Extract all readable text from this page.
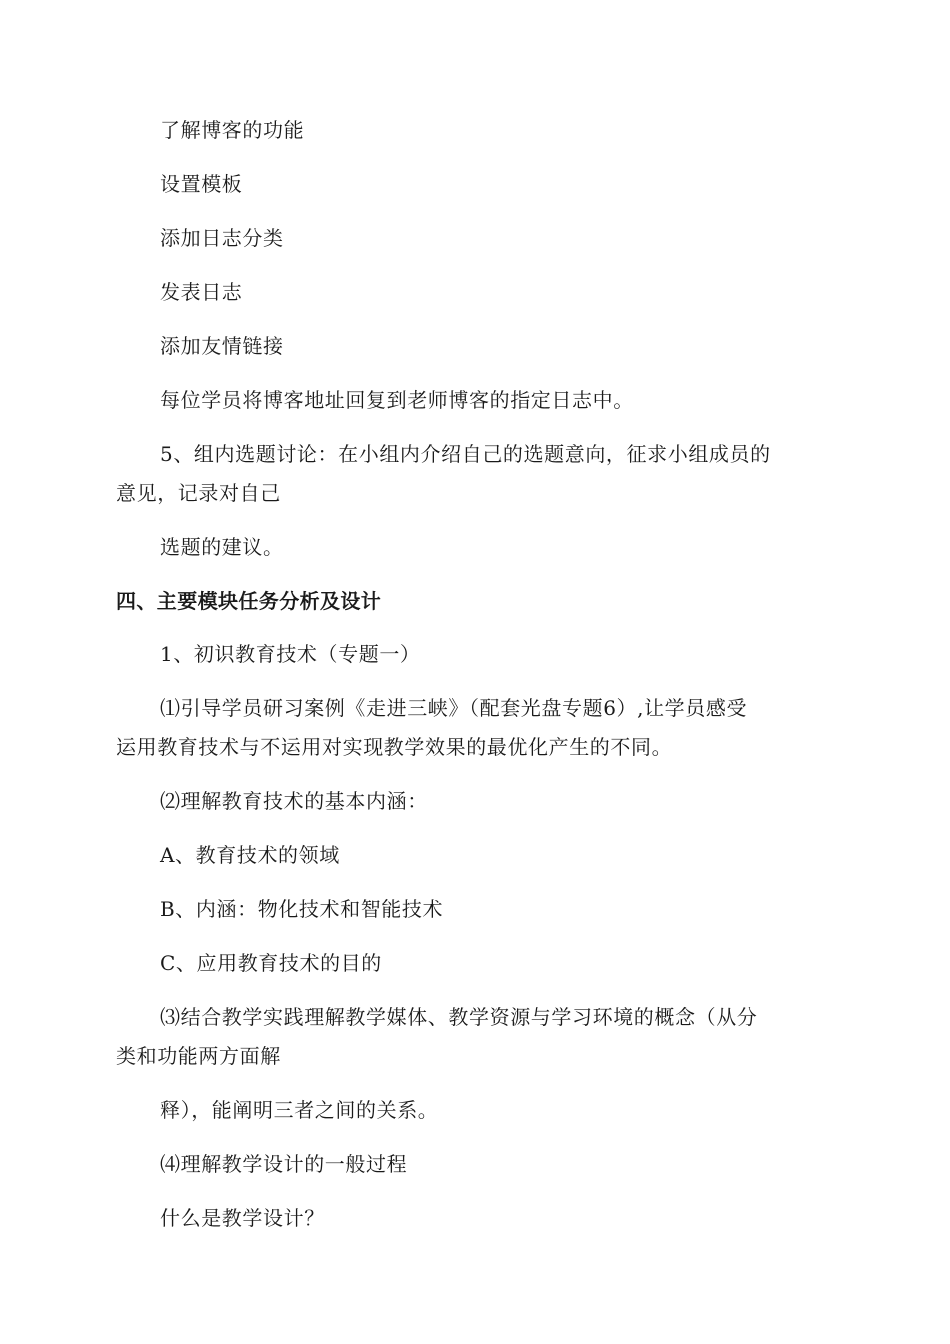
了解博客的功能
设置模板
添加日志分类
发表日志
添加友情链接
每位学员将博客地址回复到老师博客的指定日志中。
5、组内选题讨论：在小组内介绍自己的选题意向，征求小组成员的
意见，记录对自己
选题的建议。
四、主要模块任务分析及设计
1、初识教育技术（专题一）
⑴引导学员研习案例《走进三峡》（配套光盘专题6）,让学员感受
运用教育技术与不运用对实现教学效果的最优化产生的不同。
⑵理解教育技术的基本内涵：
A、教育技术的领域
B、内涵：物化技术和智能技术
C、应用教育技术的目的
⑶结合教学实践理解教学媒体、教学资源与学习环境的概念（从分
类和功能两方面解
释），能阐明三者之间的关系。
⑷理解教学设计的一般过程
什么是教学设计？
